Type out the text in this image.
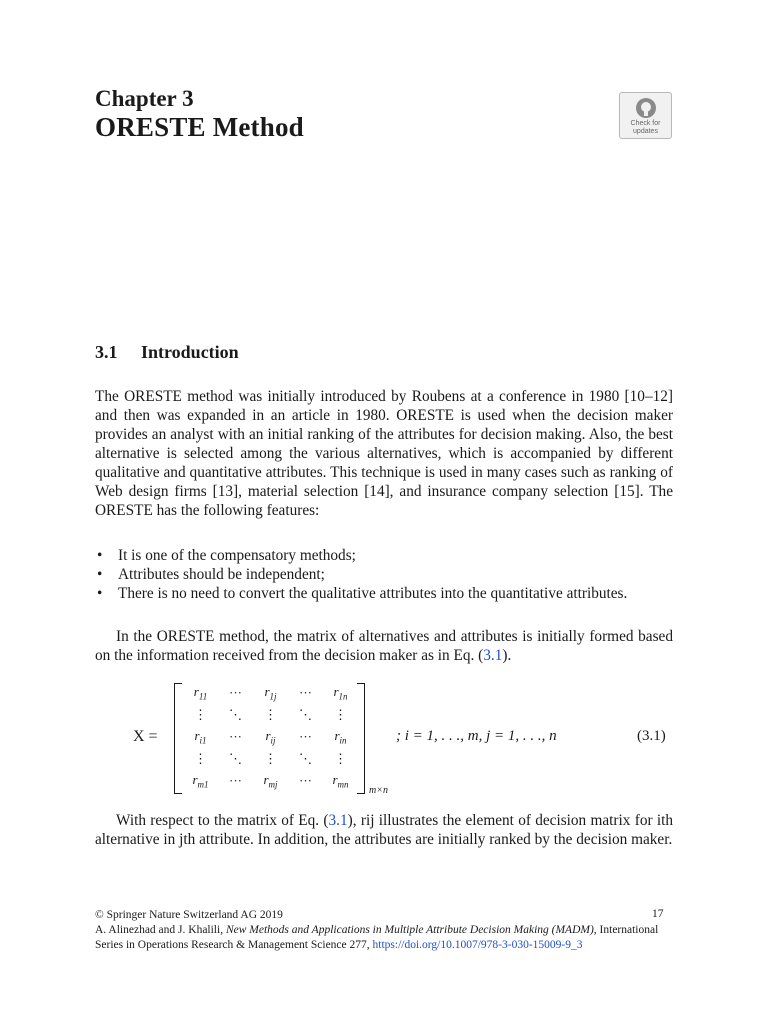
Chapter 3
ORESTE Method	Check for
updates
3.1 Introduction

The ORESTE method was initially introduced by Roubens at a conference in 1980 [10–12] and then was expanded in an article in 1980. ORESTE is used when the decision maker provides an analyst with an initial ranking of the attributes for decision making. Also, the best alternative is selected among the various alternatives, which is accompanied by different qualitative and quantitative attributes. This technique is used in many cases such as ranking of Web design firms [13], material selection [14], and insurance company selection [15]. The ORESTE has the following features:

• It is one of the compensatory methods;
• Attributes should be independent;
• There is no need to convert the qualitative attributes into the quantitative attributes.

In the ORESTE method, the matrix of alternatives and attributes is initially formed based on the information received from the decision maker as in Eq. (3.1).

X =
$r_{11}$	···	$r_{1j}$	···	$r_{1n}$
⋮	⋱	⋮	⋱	⋮
$r_{i1}$	···	$r_{ij}$	···	$r_{in}$
⋮	⋱	⋮	⋱	⋮
$r_{m1}$	···	$r_{mj}$	···	$r_{mn}$
m×n
; i = 1, . . ., m, j = 1, . . ., n	(3.1)

With respect to the matrix of Eq. (3.1), rij illustrates the element of decision matrix for ith alternative in jth attribute. In addition, the attributes are initially ranked by the decision maker.

© Springer Nature Switzerland AG 2019
A. Alinezhad and J. Khalili, New Methods and Applications in Multiple Attribute Decision Making (MADM), International Series in Operations Research & Management Science 277, https://doi.org/10.1007/978-3-030-15009-9_3
17
